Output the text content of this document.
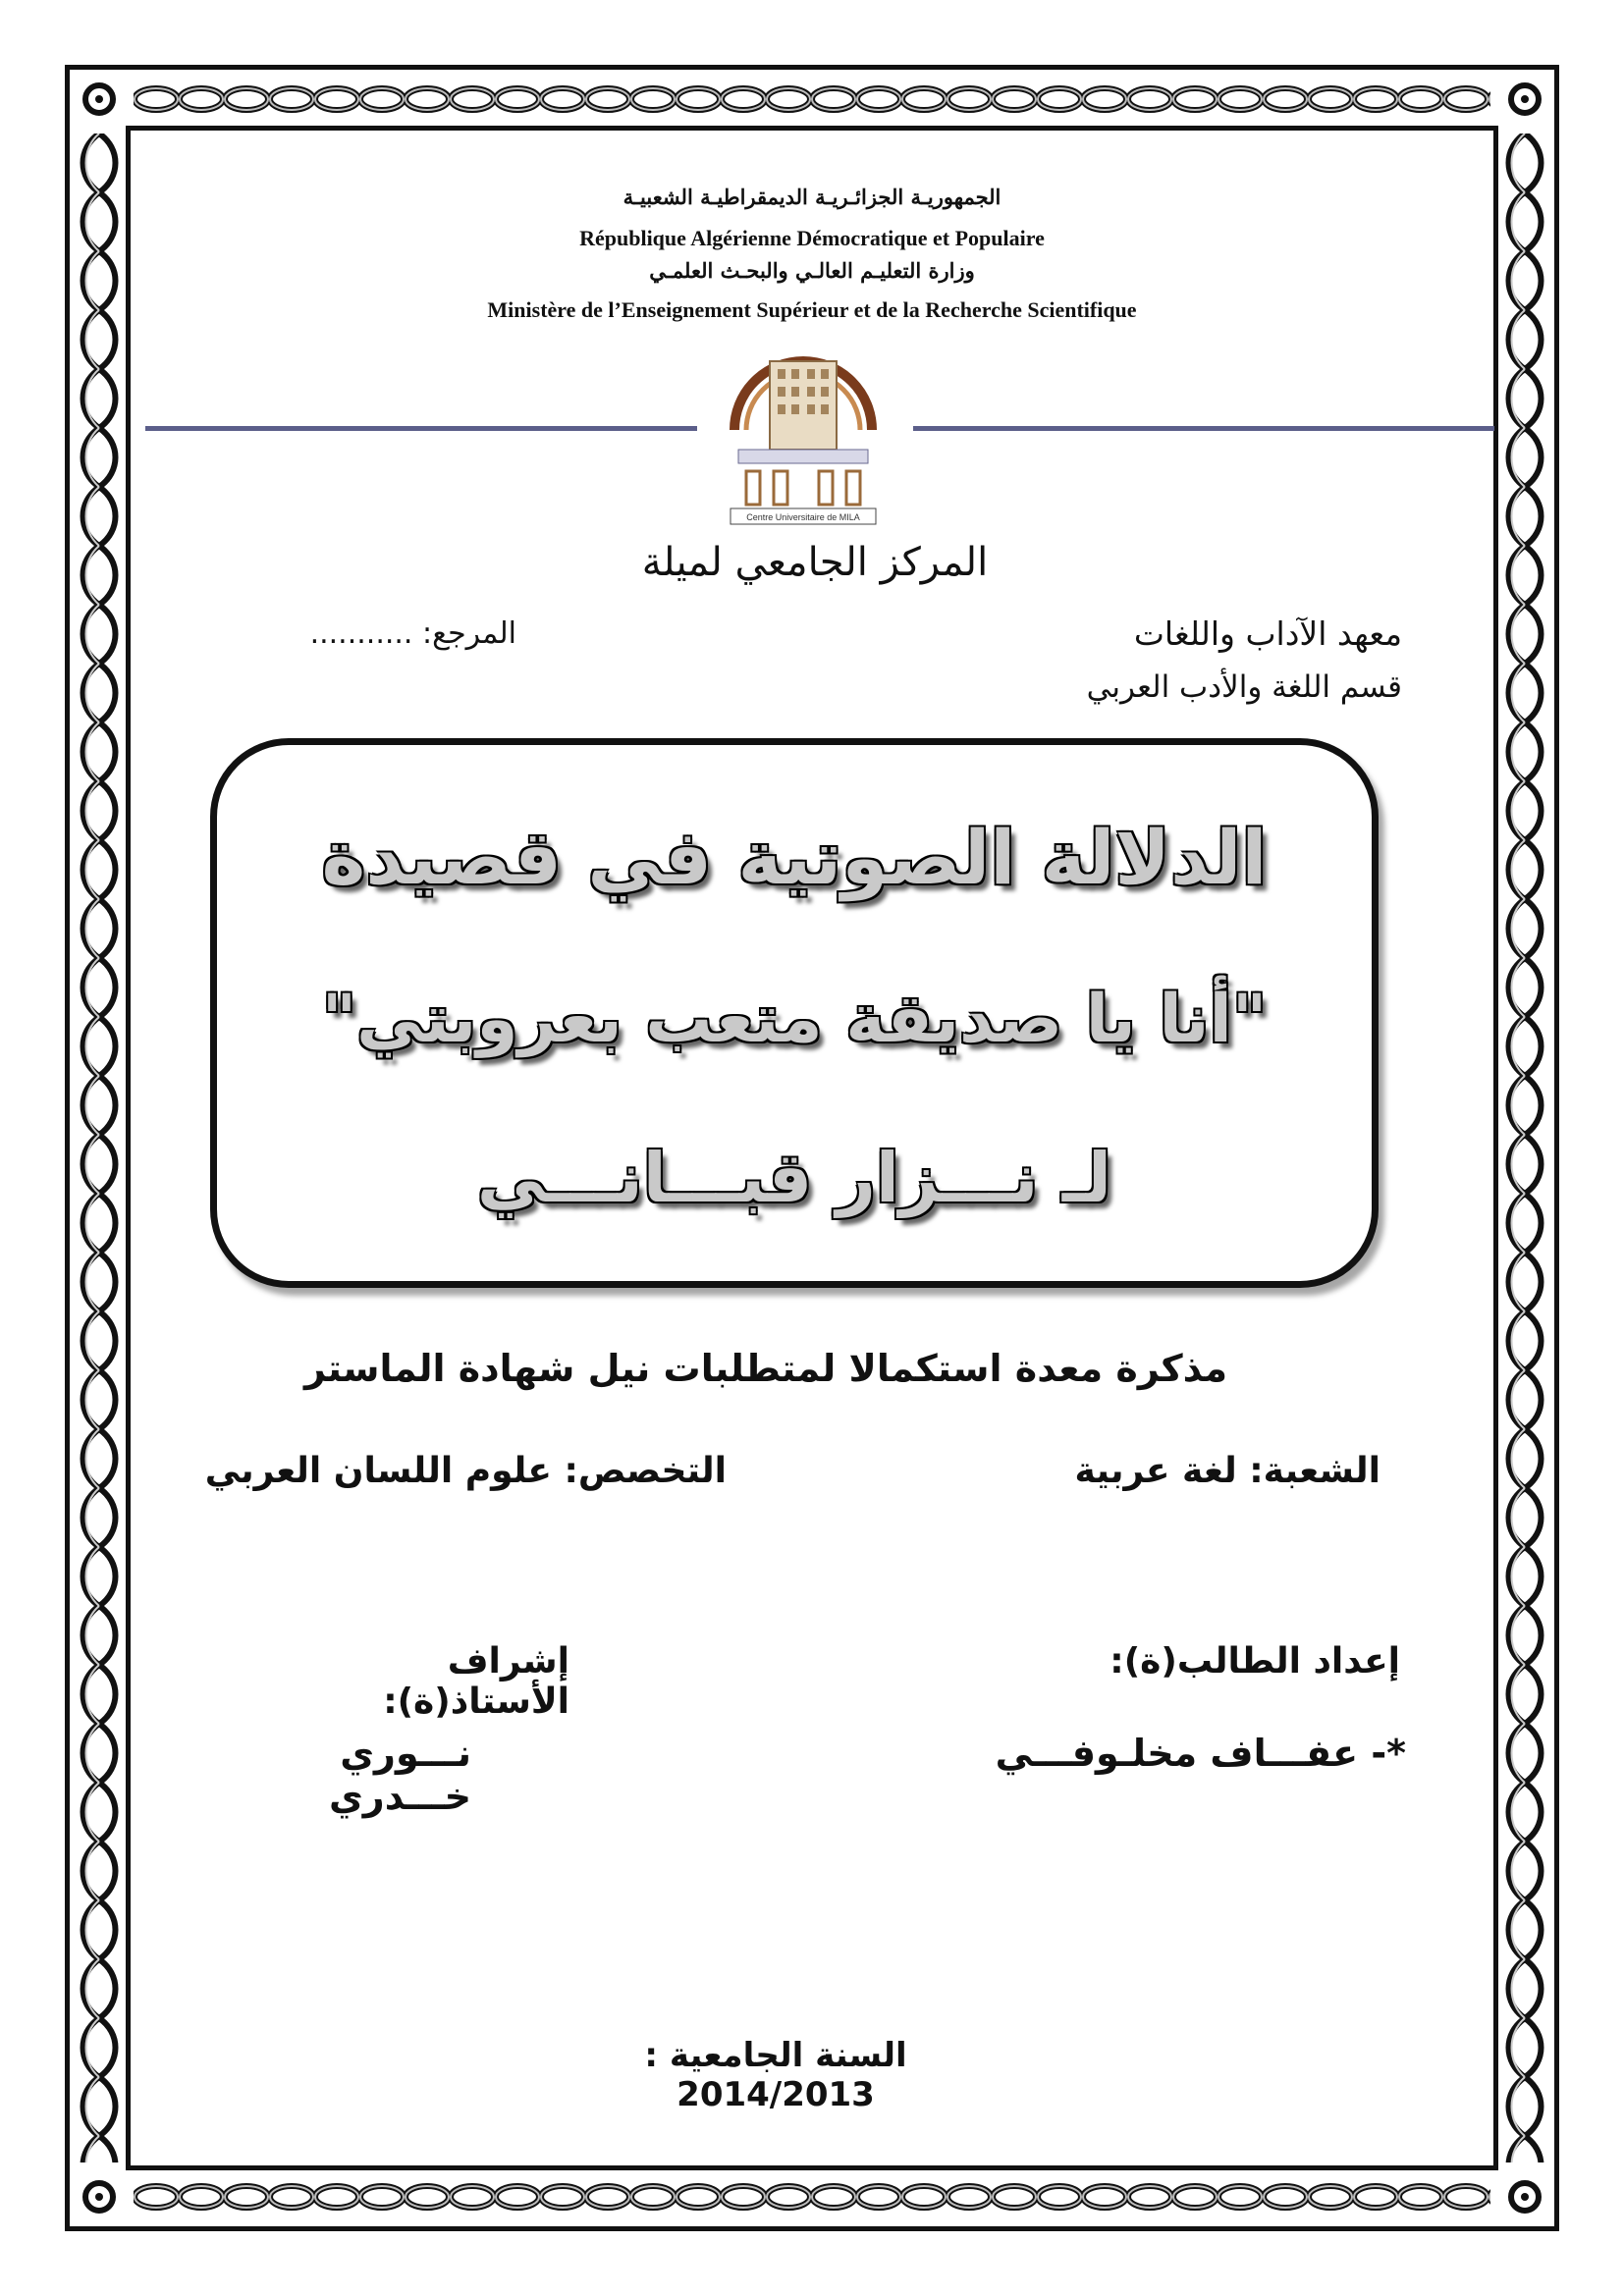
الجمهوريـة الجزائـريـة الديمقراطيـة الشعبيـة
République Algérienne Démocratique et Populaire
وزارة التعليـم العالـي والبحـث العلمـي
Ministère de l’Enseignement Supérieur et de la Recherche Scientifique
Centre Universitaire de MILA
المركز الجامعي لميلة
معهد الآداب واللغات
قسم اللغة والأدب العربي
المرجع: ...........
الدلالة الصوتية في قصيدة
"أنا يا صديقة متعب بعروبتي"
لـ نـــزار قبـــانـــي
مذكرة معدة استكمالا لمتطلبات نيل شهادة الماستر
الشعبة: لغة عربية
التخصص: علوم اللسان العربي
إعداد الطالب(ة):
إشراف الأستاذ(ة):
*- عفـــاف مخلـوفـــي
نـــوري خـــدري
السنة الجامعية : 2014/2013
